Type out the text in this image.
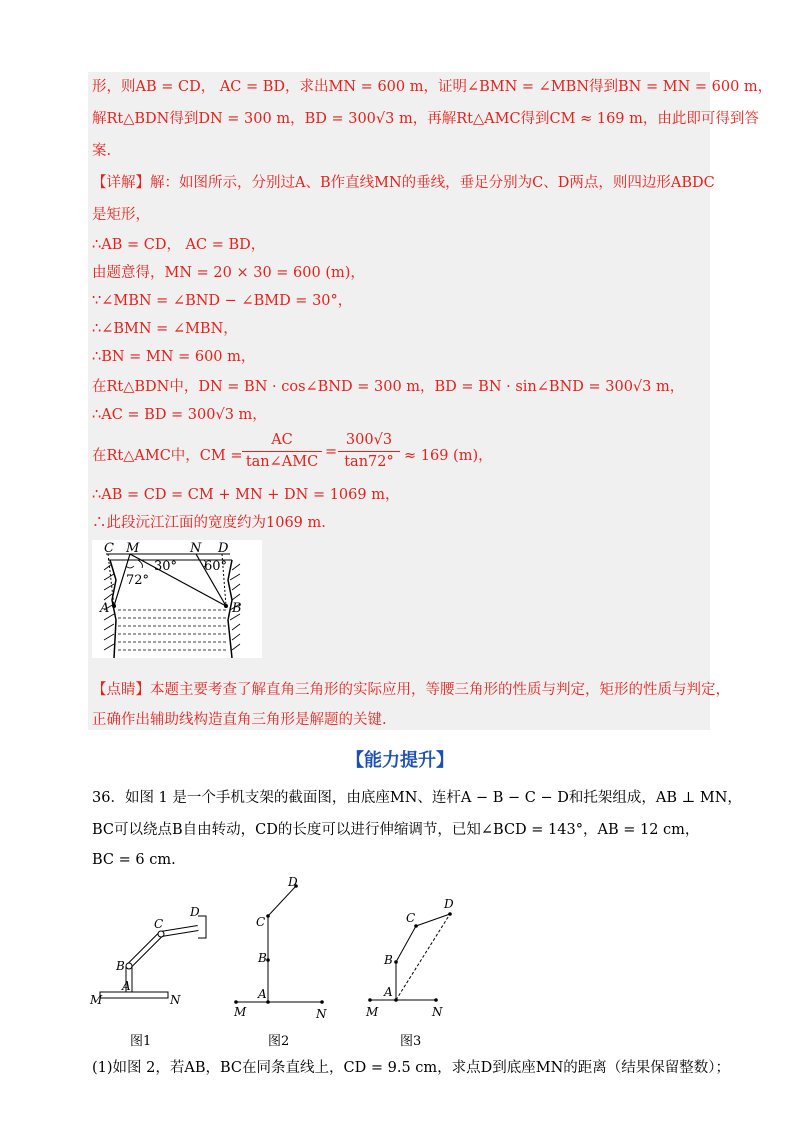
形，则AB = CD， AC = BD，求出MN = 600 m，证明∠BMN = ∠MBN得到BN = MN = 600 m，
解Rt△BDN得到DN = 300 m，BD = 300√3 m，再解Rt△AMC得到CM ≈ 169 m，由此即可得到答
案.
【详解】解：如图所示，分别过A、B作直线MN的垂线，垂足分别为C、D两点，则四边形ABDC
是矩形，
∴AB = CD， AC = BD，
由题意得，MN = 20 × 30 = 600 (m)，
∵∠MBN = ∠BND − ∠BMD = 30°，
∴∠BMN = ∠MBN，
∴BN = MN = 600 m，
在Rt△BDN中，DN = BN · cos∠BND = 300 m，BD = BN · sin∠BND = 300√3 m，
∴AC = BD = 300√3 m，
在Rt△AMC中，CM =
AC
tan∠AMC
=
300√3
tan72° ≈ 169 (m)，
∴AB = CD = CM + MN + DN = 1069 m，
∴此段沅江江面的宽度约为1069 m.
C M	N D
30° 60°
72°
A	B
【点睛】本题主要考查了解直角三角形的实际应用，等腰三角形的性质与判定，矩形的性质与判定，
正确作出辅助线构造直角三角形是解题的关键.
【能力提升】
36．如图 1 是一个手机支架的截面图，由底座MN、连杆A − B − C − D和托架组成，AB ⊥ MN，
BC可以绕点B自由转动，CD的长度可以进行伸缩调节，已知∠BCD = 143°，AB = 12 cm，
BC = 6 cm.
B
C
D
A
M	N
D
C
B
A
M	N
D
C
B
A
M	N
图1	图2	图3
(1)如图 2，若AB，BC在同条直线上，CD = 9.5 cm，求点D到底座MN的距离（结果保留整数）；
